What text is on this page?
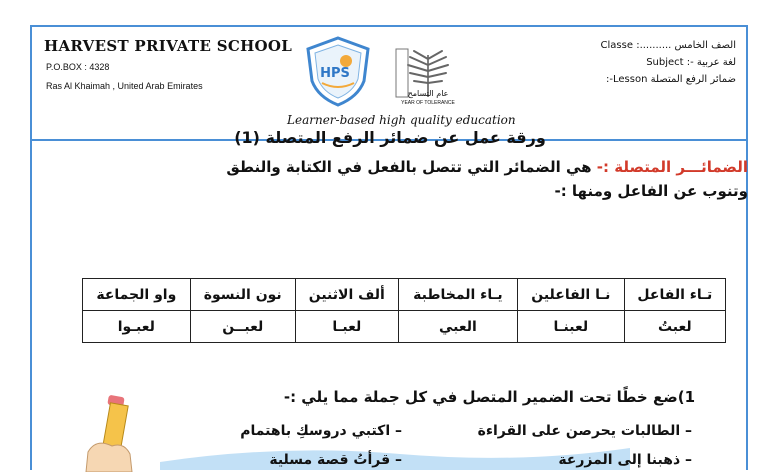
HARVEST PRIVATE SCHOOL
P.O.BOX : 4328
Ras Al Khaimah , United Arab Emirates
HPS
عام التسامح
YEAR OF TOLERANCE
Learner-based high quality education
الصف الخامس ..........: Classe
لغة عربية -: Subject
ضمائر الرفع المتصلة Lesson-:
ورقة عمل عن ضمائر الرفع المتصلة (1)
الضمائـــر المتصلة :- هي الضمائر التي تتصل بالفعل في الكتابة والنطق
وتنوب عن الفاعل ومنها :-
تـاء الفاعل	نـا الفاعلين	يـاء المخاطبة	ألف الاثنين	نون النسوة	واو الجماعة
لعبتُ	لعبنـا	العبي	لعبـا	لعبــن	لعبـوا
1)ضع خطًا تحت الضمير المتصل في كل جملة مما يلي :-
– الطالبات يحرصن على القراءة
– اكتبي دروسكِ باهتمام
– ذهبنا إلى المزرعة
– قرأتُ قصة مسلية
